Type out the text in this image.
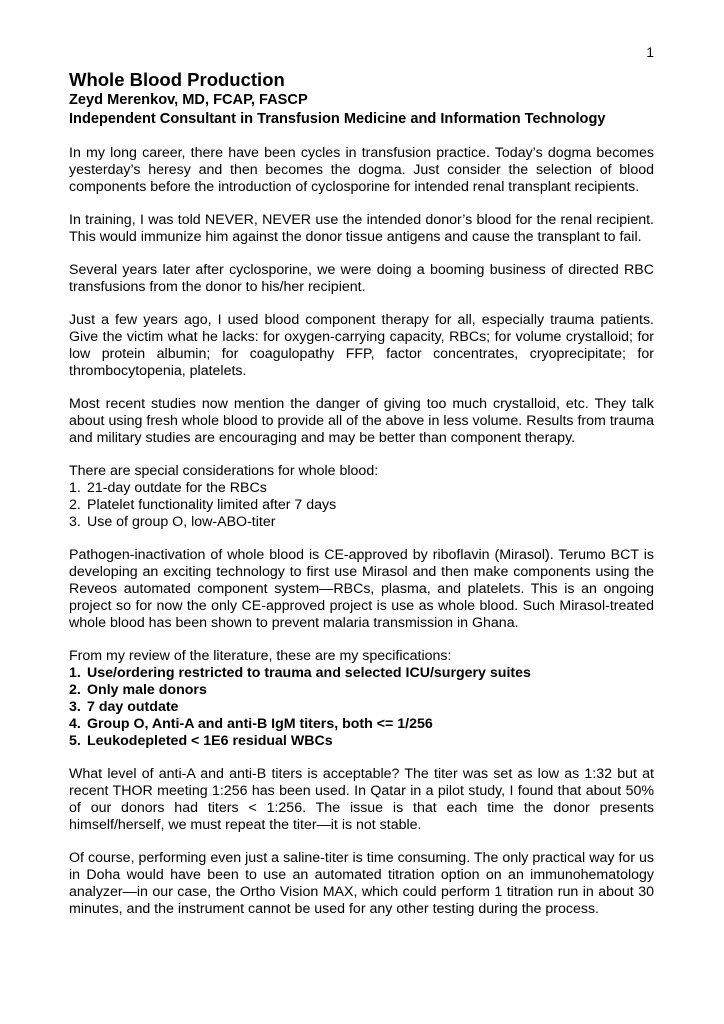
1
Whole Blood Production
Zeyd Merenkov, MD, FCAP, FASCP
Independent Consultant in Transfusion Medicine and Information Technology

In my long career, there have been cycles in transfusion practice. Today’s dogma becomes yesterday’s heresy and then becomes the dogma. Just consider the selection of blood components before the introduction of cyclosporine for intended renal transplant recipients.

In training, I was told NEVER, NEVER use the intended donor’s blood for the renal recipient. This would immunize him against the donor tissue antigens and cause the transplant to fail.

Several years later after cyclosporine, we were doing a booming business of directed RBC transfusions from the donor to his/her recipient.

Just a few years ago, I used blood component therapy for all, especially trauma patients. Give the victim what he lacks: for oxygen-carrying capacity, RBCs; for volume crystalloid; for low protein albumin; for coagulopathy FFP, factor concentrates, cryoprecipitate; for thrombocytopenia, platelets.

Most recent studies now mention the danger of giving too much crystalloid, etc. They talk about using fresh whole blood to provide all of the above in less volume. Results from trauma and military studies are encouraging and may be better than component therapy.

There are special considerations for whole blood:

1. 21-day outdate for the RBCs
2. Platelet functionality limited after 7 days
3. Use of group O, low-ABO-titer

Pathogen-inactivation of whole blood is CE-approved by riboflavin (Mirasol). Terumo BCT is developing an exciting technology to first use Mirasol and then make components using the Reveos automated component system—RBCs, plasma, and platelets. This is an ongoing project so for now the only CE-approved project is use as whole blood. Such Mirasol-treated whole blood has been shown to prevent malaria transmission in Ghana.

From my review of the literature, these are my specifications:

1. Use/ordering restricted to trauma and selected ICU/surgery suites
2. Only male donors
3. 7 day outdate
4. Group O, Anti-A and anti-B IgM titers, both <= 1/256
5. Leukodepleted < 1E6 residual WBCs

What level of anti-A and anti-B titers is acceptable? The titer was set as low as 1:32 but at recent THOR meeting 1:256 has been used. In Qatar in a pilot study, I found that about 50% of our donors had titers < 1:256. The issue is that each time the donor presents himself/herself, we must repeat the titer—it is not stable.

Of course, performing even just a saline-titer is time consuming. The only practical way for us in Doha would have been to use an automated titration option on an immunohematology analyzer—in our case, the Ortho Vision MAX, which could perform 1 titration run in about 30 minutes, and the instrument cannot be used for any other testing during the process.
